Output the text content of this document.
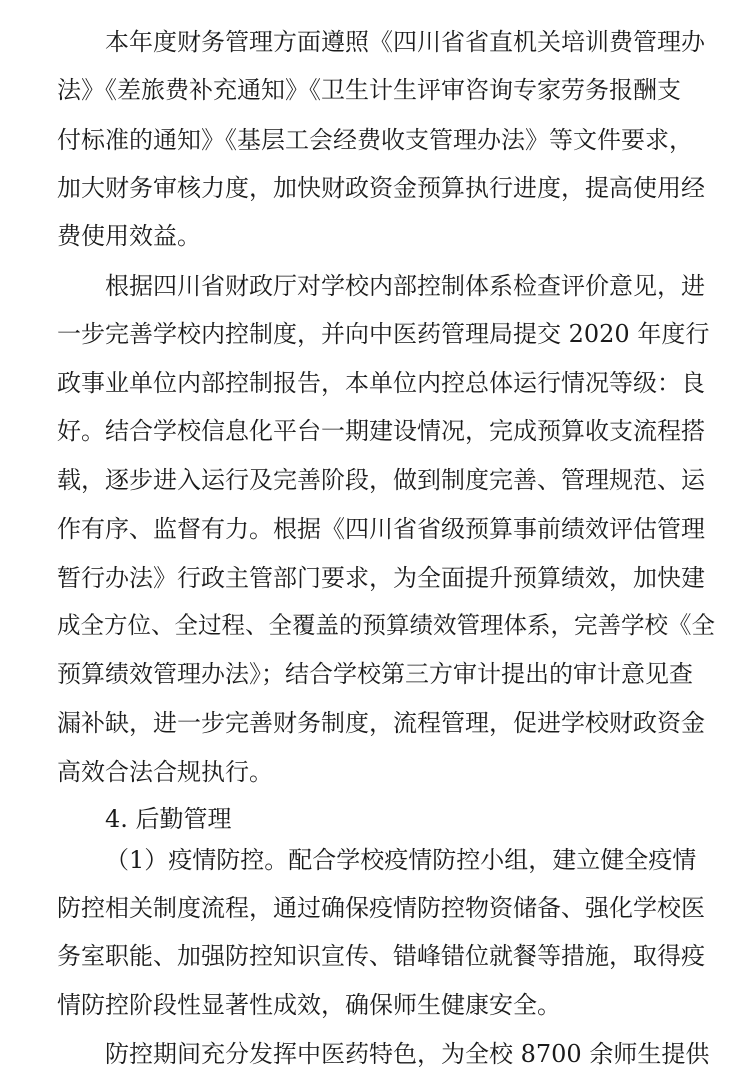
本年度财务管理方面遵照《四川省省直机关培训费管理办
法》《差旅费补充通知》《卫生计生评审咨询专家劳务报酬支
付标准的通知》《基层工会经费收支管理办法》等文件要求，
加大财务审核力度，加快财政资金预算执行进度，提高使用经
费使用效益。
根据四川省财政厅对学校内部控制体系检查评价意见，进
一步完善学校内控制度，并向中医药管理局提交 2020 年度行
政事业单位内部控制报告，本单位内控总体运行情况等级：良
好。结合学校信息化平台一期建设情况，完成预算收支流程搭
载，逐步进入运行及完善阶段，做到制度完善、管理规范、运
作有序、监督有力。根据《四川省省级预算事前绩效评估管理
暂行办法》行政主管部门要求，为全面提升预算绩效，加快建
成全方位、全过程、全覆盖的预算绩效管理体系，完善学校《全
预算绩效管理办法》；结合学校第三方审计提出的审计意见查
漏补缺，进一步完善财务制度，流程管理，促进学校财政资金
高效合法合规执行。
4. 后勤管理
（1）疫情防控。配合学校疫情防控小组，建立健全疫情
防控相关制度流程，通过确保疫情防控物资储备、强化学校医
务室职能、加强防控知识宣传、错峰错位就餐等措施，取得疫
情防控阶段性显著性成效，确保师生健康安全。
防控期间充分发挥中医药特色，为全校 8700 余师生提供
